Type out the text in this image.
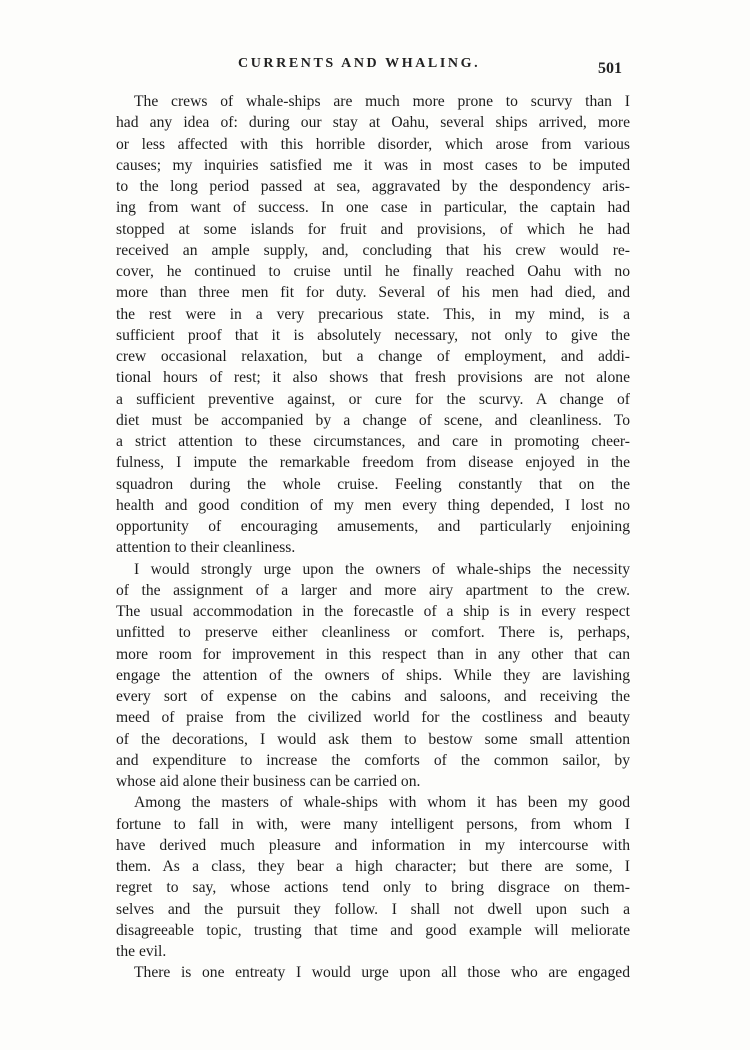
CURRENTS AND WHALING.	501
The crews of whale-ships are much more prone to scurvy than I
had any idea of: during our stay at Oahu, several ships arrived, more
or less affected with this horrible disorder, which arose from various
causes; my inquiries satisfied me it was in most cases to be imputed
to the long period passed at sea, aggravated by the despondency aris-
ing from want of success. In one case in particular, the captain had
stopped at some islands for fruit and provisions, of which he had
received an ample supply, and, concluding that his crew would re-
cover, he continued to cruise until he finally reached Oahu with no
more than three men fit for duty. Several of his men had died, and
the rest were in a very precarious state. This, in my mind, is a
sufficient proof that it is absolutely necessary, not only to give the
crew occasional relaxation, but a change of employment, and addi-
tional hours of rest; it also shows that fresh provisions are not alone
a sufficient preventive against, or cure for the scurvy. A change of
diet must be accompanied by a change of scene, and cleanliness. To
a strict attention to these circumstances, and care in promoting cheer-
fulness, I impute the remarkable freedom from disease enjoyed in the
squadron during the whole cruise. Feeling constantly that on the
health and good condition of my men every thing depended, I lost no
opportunity of encouraging amusements, and particularly enjoining
attention to their cleanliness.
I would strongly urge upon the owners of whale-ships the necessity
of the assignment of a larger and more airy apartment to the crew.
The usual accommodation in the forecastle of a ship is in every respect
unfitted to preserve either cleanliness or comfort. There is, perhaps,
more room for improvement in this respect than in any other that can
engage the attention of the owners of ships. While they are lavishing
every sort of expense on the cabins and saloons, and receiving the
meed of praise from the civilized world for the costliness and beauty
of the decorations, I would ask them to bestow some small attention
and expenditure to increase the comforts of the common sailor, by
whose aid alone their business can be carried on.
Among the masters of whale-ships with whom it has been my good
fortune to fall in with, were many intelligent persons, from whom I
have derived much pleasure and information in my intercourse with
them. As a class, they bear a high character; but there are some, I
regret to say, whose actions tend only to bring disgrace on them-
selves and the pursuit they follow. I shall not dwell upon such a
disagreeable topic, trusting that time and good example will meliorate
the evil.
There is one entreaty I would urge upon all those who are engaged
